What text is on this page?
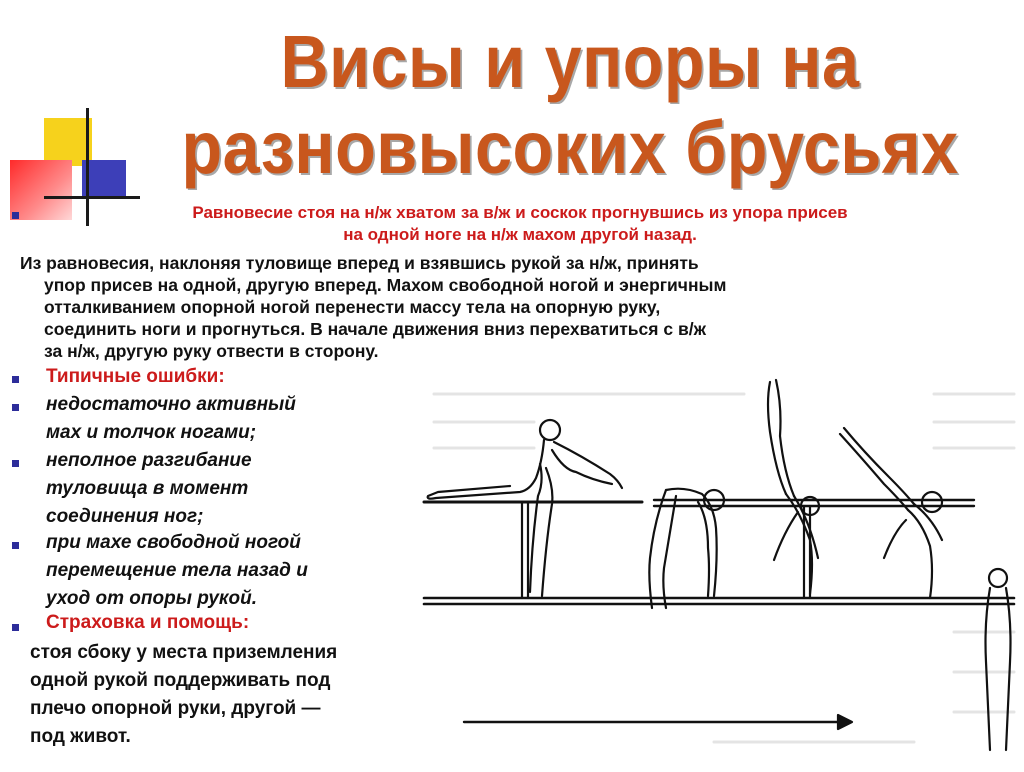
Висы и упоры на
разновысоких брусьях
Равновесие стоя на н/ж хватом за в/ж и соскок прогнувшись из упора присев
на одной ноге на н/ж махом другой назад.
Из равновесия, наклоняя туловище вперед и взявшись рукой за н/ж, принять
упор присев на одной, другую вперед. Махом свободной ногой и энергичным
отталкиванием опорной ногой перенести массу тела на опорную руку,
соединить ноги и прогнуться. В начале движения вниз перехватиться с в/ж
за н/ж, другую руку отвести в сторону.
Типичные ошибки:
недостаточно активный
мах и толчок ногами;
неполное разгибание
туловища в момент
соединения ног;
при махе свободной ногой
перемещение тела назад и
уход от опоры рукой.
Страховка и помощь:
стоя сбоку у места приземления
одной рукой поддерживать под
плечо опорной руки, другой —
под живот.
